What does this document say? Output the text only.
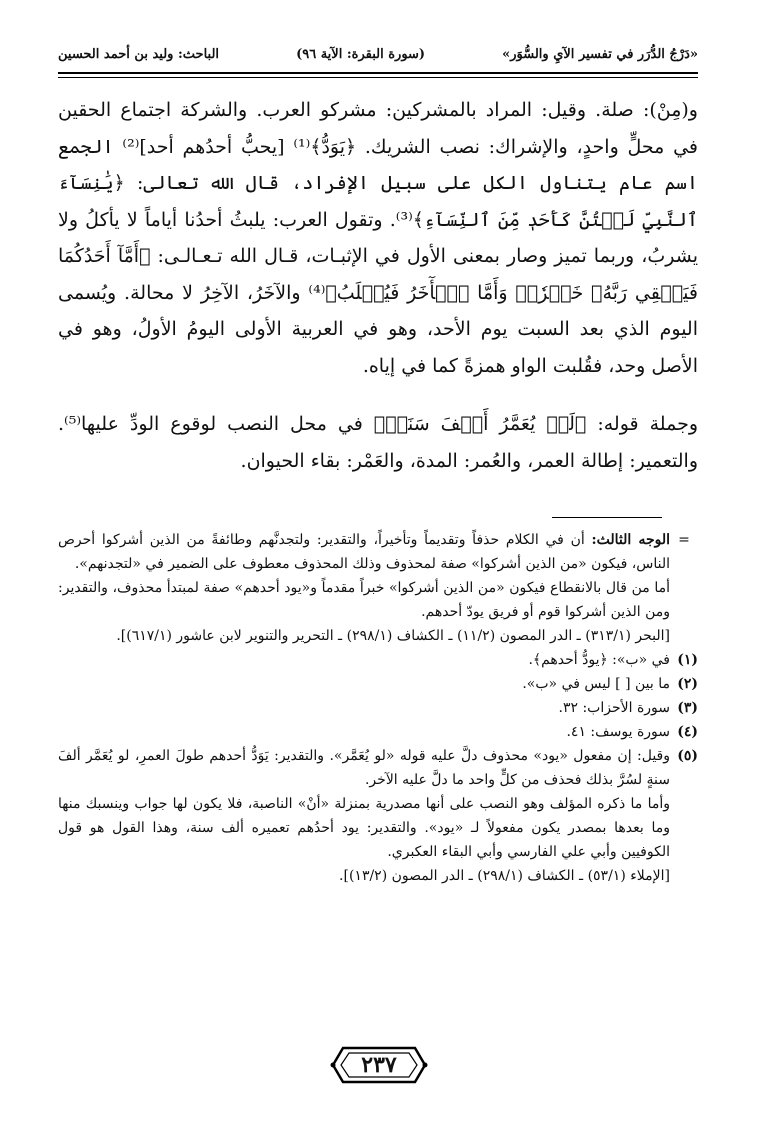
«دَرْجُ الدُّرَر في تفسير الآيِ والسُّوَر»
(سورة البقرة: الآية ٩٦)
الباحث: وليد بن أحمد الحسين

و(مِنْ): صلة. وقيل: المراد بالمشركين: مشركو العرب. والشركة اجتماع الحقين في محلٍّ واحدٍ، والإشراك: نصب الشريك. ﴿يَوَدُّ﴾⁽¹⁾ [يحبُّ أحدُهم أحد]⁽²⁾ الجمع اسم عام يتناول الكل على سبيل الإفراد، قال الله تعالى: ﴿يَٰنِسَآءَ ٱلنَّبِيِّ لَسۡتُنَّ كَأَحَدٖ مِّنَ ٱلنِّسَآءِ﴾⁽³⁾. وتقول العرب: يلبثُ أحدُنا أياماً لا يأكلُ ولا يشربُ، وربما تميز وصار بمعنى الأول في الإثبـات، قـال الله تـعـالـى: ﴿أَمَّآ أَحَدُكُمَا فَيَسۡقِي رَبَّهُۥ خَمۡرٗاۖ وَأَمَّا ٱلۡأٓخَرُ فَيُصۡلَبُ﴾⁽⁴⁾ والآخَرُ، الآخِرُ لا محالة. ويُسمى اليوم الذي بعد السبت يوم الأحد، وهو في العربية الأولى اليومُ الأولُ، وهو في الأصل وحد، فقُلبت الواو همزةً كما في إياه.

وجملة قوله: ﴿لَوۡ يُعَمَّرُ أَلۡفَ سَنَةٖ﴾ في محل النصب لوقوع الودِّ عليها⁽⁵⁾. والتعمير: إطالة العمر، والعُمر: المدة، والعَمْر: بقاء الحيوان.

=

الوجه الثالث: أن في الكلام حذفاً وتقديماً وتأخيراً، والتقدير: ولتجدنَّهم وطائفةً من الذين أشركوا أحرص الناس، فيكون «من الذين أشركوا» صفة لمحذوف وذلك المحذوف معطوف على الضمير في «لتجدنهم».

أما من قال بالانقطاع فيكون «من الذين أشركوا» خبراً مقدماً و«يود أحدهم» صفة لمبتدأ محذوف، والتقدير: ومن الذين أشركوا قوم أو فريق يودّ أحدهم.

[البحر (٣١٣/١) ـ الدر المصون (١١/٢) ـ الكشاف (٢٩٨/١) ـ التحرير والتنوير لابن عاشور (٦١٧/١)].

(١)
في «ب»: ﴿يودُّ أحدهم﴾.
(٢)
ما بين [ ] ليس في «ب».
(٣)
سورة الأحزاب: ٣٢.
(٤)
سورة يوسف: ٤١.
(٥)
وقيل: إن مفعول «يود» محذوف دلَّ عليه قوله «لو يُعَمَّر». والتقدير: يَوَدُّ أحدهم طولَ العمرِ، لو يُعَمَّر ألفَ سنةٍ لسُرَّ بذلك فحذف من كلٍّ واحد ما دلَّ عليه الآخر.

وأما ما ذكره المؤلف وهو النصب على أنها مصدرية بمنزلة «أنْ» الناصبة، فلا يكون لها جواب وينسبك منها وما بعدها بمصدر يكون مفعولاً لـ «يود». والتقدير: يود أحدُهم تعميره ألف سنة، وهذا القول هو قول الكوفيين وأبي علي الفارسي وأبي البقاء العكبري.

[الإملاء (٥٣/١) ـ الكشاف (٢٩٨/١) ـ الدر المصون (١٣/٢)].

٢٣٧
